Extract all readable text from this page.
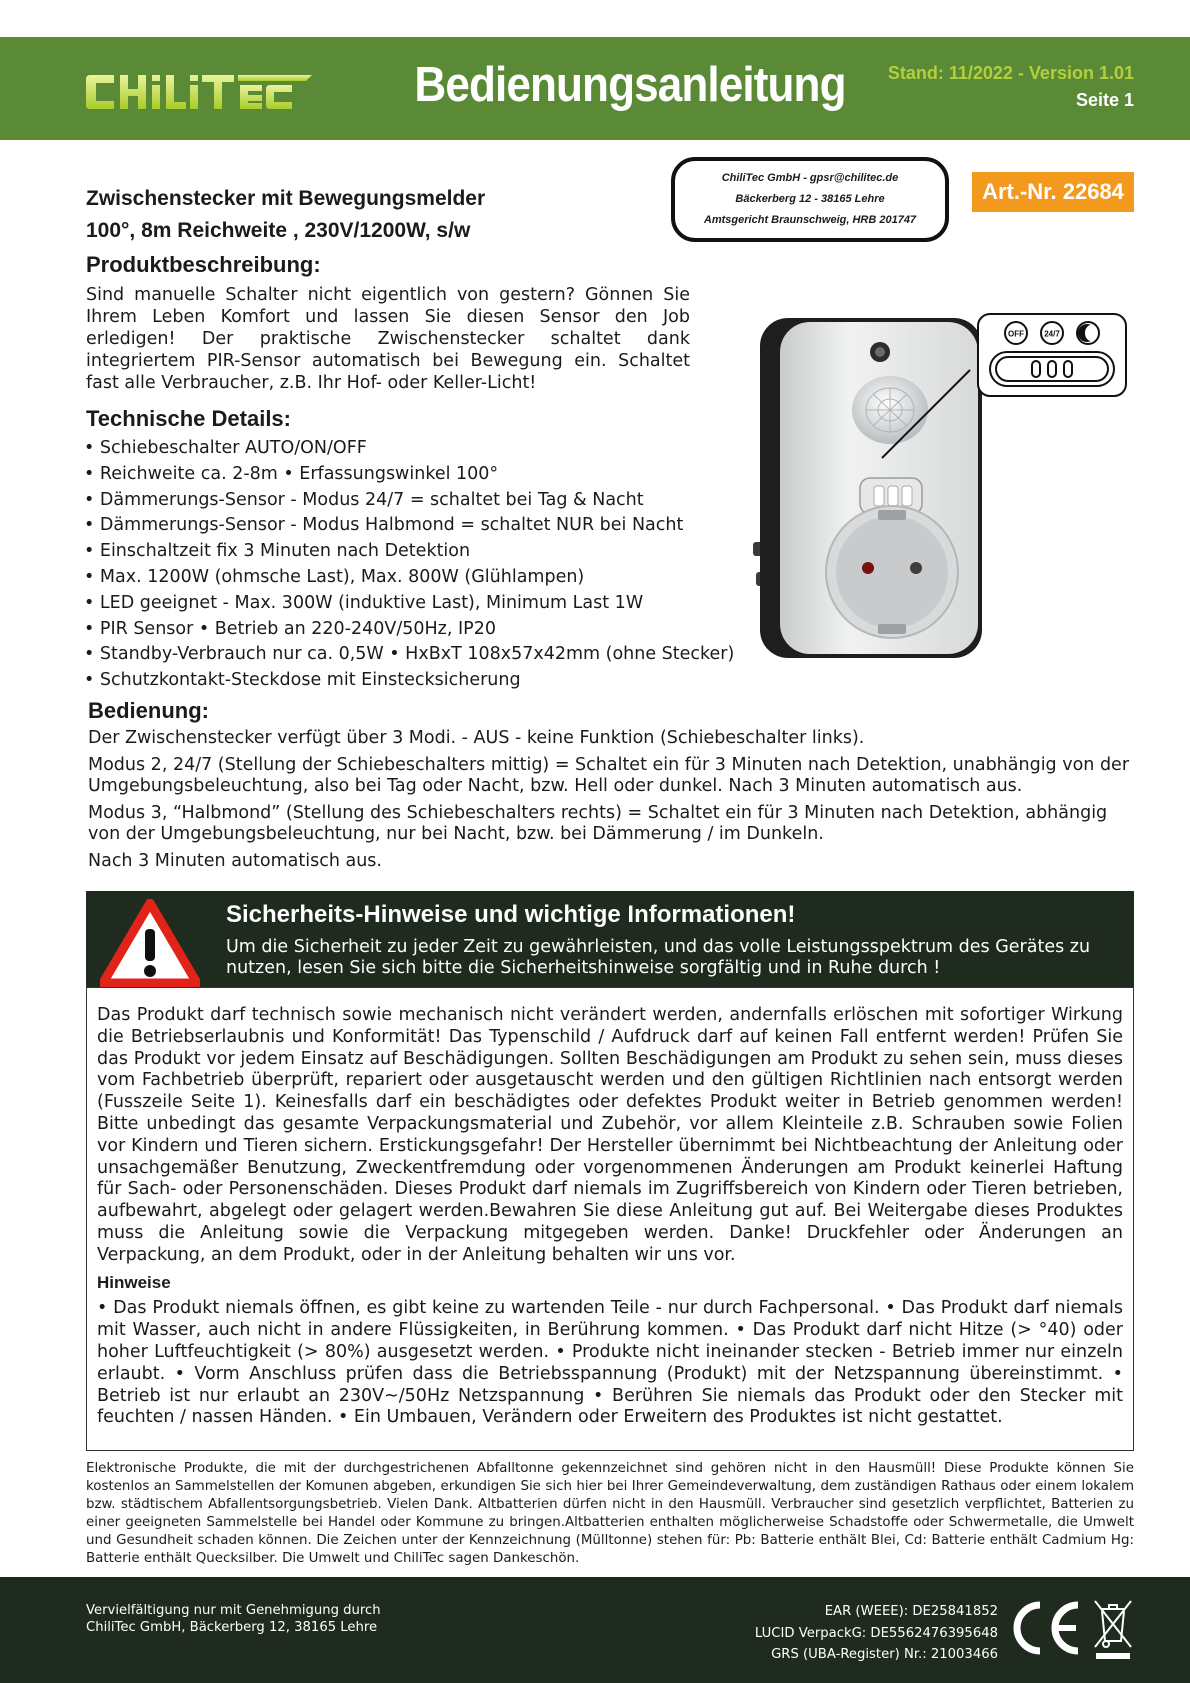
Bedienungsanleitung	Stand: 11/2022 - Version 1.01
Seite 1
Zwischenstecker mit Bewegungsmelder
100°, 8m Reichweite , 230V/1200W, s/w
ChiliTec GmbH - gpsr@chilitec.de
Bäckerberg 12 - 38165 Lehre
Amtsgericht Braunschweig, HRB 201747
Art.-Nr. 22684
Produktbeschreibung:
Sind manuelle Schalter nicht eigentlich von gestern? Gönnen Sie Ihrem Leben Komfort und lassen Sie diesen Sensor den Job erledigen! Der praktische Zwischenstecker schaltet dank integriertem PIR-Sensor automatisch bei Bewegung ein. Schaltet fast alle Verbraucher, z.B. Ihr Hof- oder Keller-Licht!
Technische Details:
• Schiebeschalter AUTO/ON/OFF
• Reichweite ca. 2-8m • Erfassungswinkel 100°
• Dämmerungs-Sensor - Modus 24/7 = schaltet bei Tag & Nacht
• Dämmerungs-Sensor - Modus Halbmond = schaltet NUR bei Nacht
• Einschaltzeit fix 3 Minuten nach Detektion
• Max. 1200W (ohmsche Last), Max. 800W (Glühlampen)
• LED geeignet - Max. 300W (induktive Last), Minimum Last 1W
• PIR Sensor • Betrieb an 220-240V/50Hz, IP20
• Standby-Verbrauch nur ca. 0,5W • HxBxT 108x57x42mm (ohne Stecker)
• Schutzkontakt-Steckdose mit Einstecksicherung
OFF	24/7
Bedienung:

Der Zwischenstecker verfügt über 3 Modi. - AUS - keine Funktion (Schiebeschalter links).

Modus 2, 24/7 (Stellung der Schiebeschalters mittig) = Schaltet ein für 3 Minuten nach Detektion, unabhängig von der Umgebungsbeleuchtung, also bei Tag oder Nacht, bzw. Hell oder dunkel. Nach 3 Minuten automatisch aus.

Modus 3, “Halbmond” (Stellung des Schiebeschalters rechts) = Schaltet ein für 3 Minuten nach Detektion, abhängig von der Umgebungsbeleuchtung, nur bei Nacht, bzw. bei Dämmerung / im Dunkeln.

Nach 3 Minuten automatisch aus.

Sicherheits-Hinweise und wichtige Informationen!
Um die Sicherheit zu jeder Zeit zu gewährleisten, und das volle Leistungsspektrum des Gerätes zu nutzen, lesen Sie sich bitte die Sicherheitshinweise sorgfältig und in Ruhe durch !

Das Produkt darf technisch sowie mechanisch nicht verändert werden, andernfalls erlöschen mit sofortiger Wirkung die Betriebserlaubnis und Konformität! Das Typenschild / Aufdruck darf auf keinen Fall entfernt werden! Prüfen Sie das Produkt vor jedem Einsatz auf Beschädigungen. Sollten Beschädigungen am Produkt zu sehen sein, muss dieses vom Fachbetrieb überprüft, repariert oder ausgetauscht werden und den gültigen Richtlinien nach entsorgt werden (Fusszeile Seite 1). Keinesfalls darf ein beschädigtes oder defektes Produkt weiter in Betrieb genommen werden! Bitte unbedingt das gesamte Verpackungsmaterial und Zubehör, vor allem Kleinteile z.B. Schrauben sowie Folien vor Kindern und Tieren sichern. Erstickungsgefahr! Der Hersteller übernimmt bei Nichtbeachtung der Anleitung oder unsachgemäßer Benutzung, Zweckentfremdung oder vorgenommenen Änderungen am Produkt keinerlei Haftung für Sach- oder Personenschäden. Dieses Produkt darf niemals im Zugriffsbereich von Kindern oder Tieren betrieben, aufbewahrt, abgelegt oder gelagert werden.Bewahren Sie diese Anleitung gut auf. Bei Weitergabe dieses Produktes muss die Anleitung sowie die Verpackung mitgegeben werden. Danke! Druckfehler oder Änderungen an Verpackung, an dem Produkt, oder in der Anleitung behalten wir uns vor.

Hinweise

• Das Produkt niemals öffnen, es gibt keine zu wartenden Teile - nur durch Fachpersonal. • Das Produkt darf niemals mit Wasser, auch nicht in andere Flüssigkeiten, in Berührung kommen. • Das Produkt darf nicht Hitze (> °40) oder hoher Luftfeuchtigkeit (> 80%) ausgesetzt werden. • Produkte nicht ineinander stecken - Betrieb immer nur einzeln erlaubt. • Vorm Anschluss prüfen dass die Betriebsspannung (Produkt) mit der Netzspannung übereinstimmt. • Betrieb ist nur erlaubt an 230V~/50Hz Netzspannung • Berühren Sie niemals das Produkt oder den Stecker mit feuchten / nassen Händen. • Ein Umbauen, Verändern oder Erweitern des Produktes ist nicht gestattet.

Elektronische Produkte, die mit der durchgestrichenen Abfalltonne gekennzeichnet sind gehören nicht in den Hausmüll! Diese Produkte können Sie kostenlos an Sammelstellen der Komunen abgeben, erkundigen Sie sich hier bei Ihrer Gemeindeverwaltung, dem zuständigen Rathaus oder einem lokalem bzw. städtischem Abfallentsorgungsbetrieb. Vielen Dank. Altbatterien dürfen nicht in den Hausmüll. Verbraucher sind gesetzlich verpflichtet, Batterien zu einer geeigneten Sammelstelle bei Handel oder Kommune zu bringen.Altbatterien enthalten möglicherweise Schadstoffe oder Schwermetalle, die Umwelt und Gesundheit schaden können. Die Zeichen unter der Kennzeichnung (Mülltonne) stehen für: Pb: Batterie enthält Blei, Cd: Batterie enthält Cadmium Hg: Batterie enthält Quecksilber. Die Umwelt und ChiliTec sagen Dankeschön.
Vervielfältigung nur mit Genehmigung durch
ChiliTec GmbH, Bäckerberg 12, 38165 Lehre
EAR (WEEE): DE25841852
LUCID VerpackG: DE5562476395648
GRS (UBA-Register) Nr.: 21003466
